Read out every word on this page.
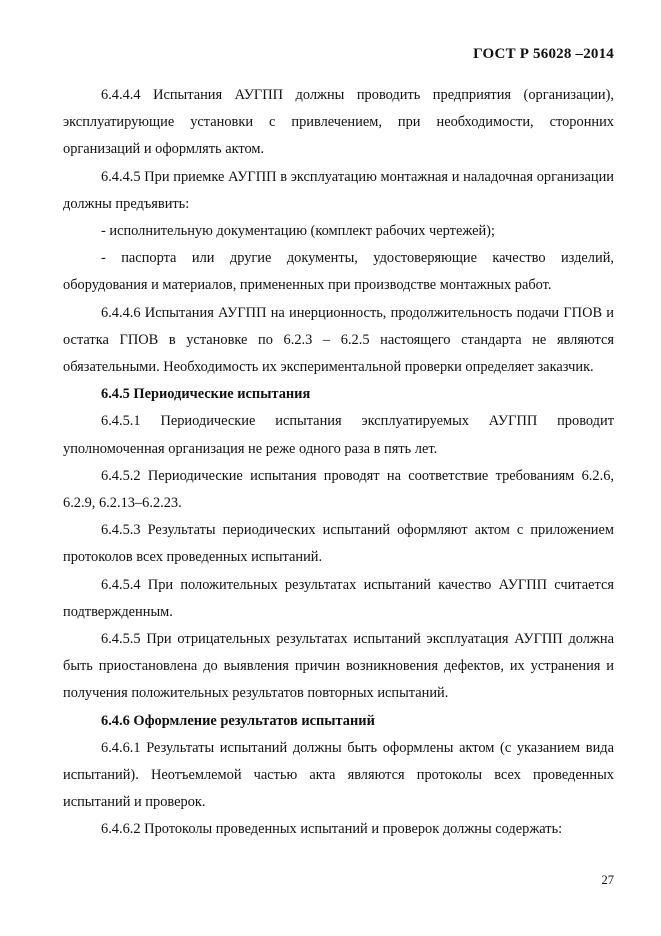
ГОСТ Р 56028 –2014

6.4.4.4 Испытания АУГПП должны проводить предприятия (организации), эксплуатирующие установки с привлечением, при необходимости, сторонних организаций и оформлять актом.

6.4.4.5 При приемке АУГПП в эксплуатацию монтажная и наладочная организации должны предъявить:

- исполнительную документацию (комплект рабочих чертежей);

- паспорта или другие документы, удостоверяющие качество изделий, оборудования и материалов, примененных при производстве монтажных работ.

6.4.4.6 Испытания АУГПП на инерционность, продолжительность подачи ГПОВ и остатка ГПОВ в установке по 6.2.3 – 6.2.5 настоящего стандарта не являются обязательными. Необходимость их экспериментальной проверки определяет заказчик.

6.4.5 Периодические испытания

6.4.5.1 Периодические испытания эксплуатируемых АУГПП проводит уполномоченная организация не реже одного раза в пять лет.

6.4.5.2 Периодические испытания проводят на соответствие требованиям 6.2.6, 6.2.9, 6.2.13–6.2.23.

6.4.5.3 Результаты периодических испытаний оформляют актом с приложением протоколов всех проведенных испытаний.

6.4.5.4 При положительных результатах испытаний качество АУГПП считается подтвержденным.

6.4.5.5 При отрицательных результатах испытаний эксплуатация АУГПП должна быть приостановлена до выявления причин возникновения дефектов, их устранения и получения положительных результатов повторных испытаний.

6.4.6 Оформление результатов испытаний

6.4.6.1 Результаты испытаний должны быть оформлены актом (с указанием вида испытаний). Неотъемлемой частью акта являются протоколы всех проведенных испытаний и проверок.

6.4.6.2 Протоколы проведенных испытаний и проверок должны содержать:

27
